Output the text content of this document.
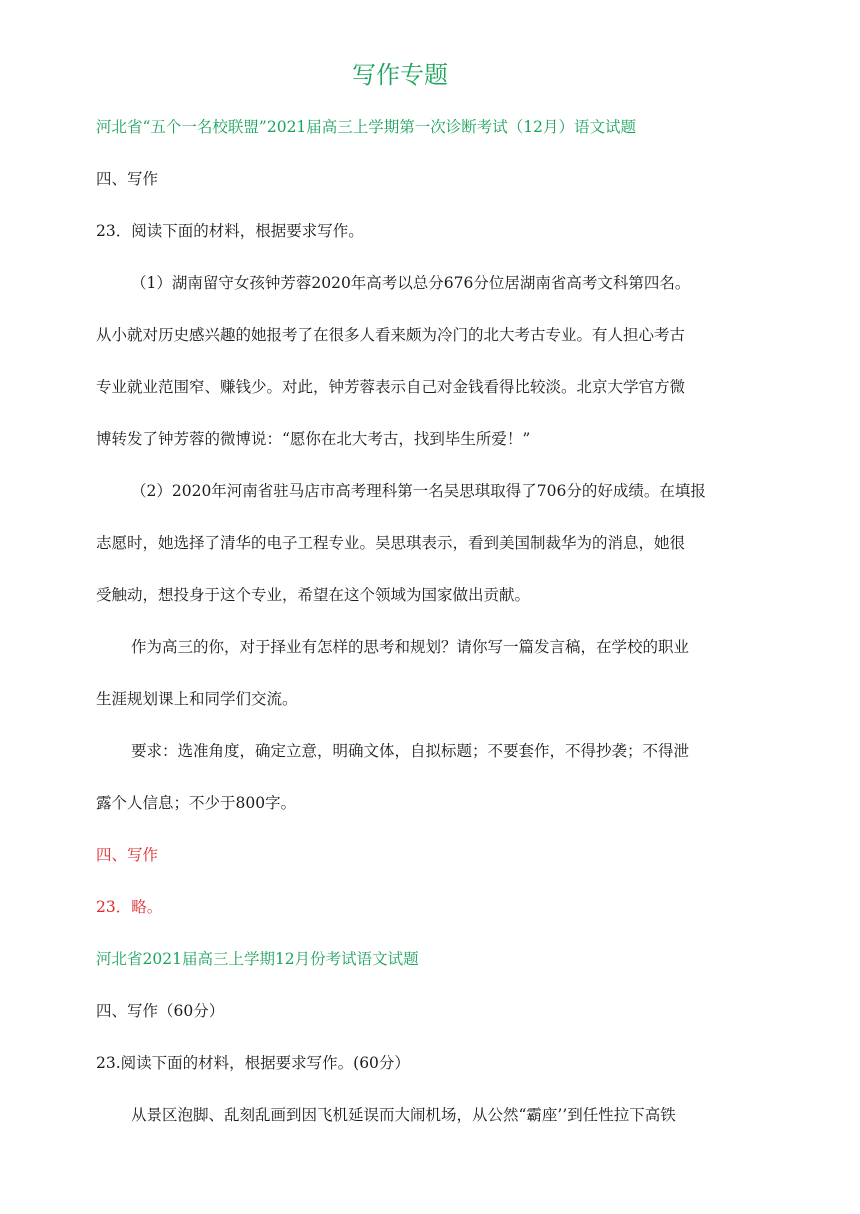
写作专题
河北省“五个一名校联盟”2021届高三上学期第一次诊断考试（12月）语文试题
四、写作
23．阅读下面的材料，根据要求写作。
（1）湖南留守女孩钟芳蓉2020年高考以总分676分位居湖南省高考文科第四名。
从小就对历史感兴趣的她报考了在很多人看来颇为冷门的北大考古专业。有人担心考古
专业就业范围窄、赚钱少。对此，钟芳蓉表示自己对金钱看得比较淡。北京大学官方微
博转发了钟芳蓉的微博说：“愿你在北大考古，找到毕生所爱！”
（2）2020年河南省驻马店市高考理科第一名吴思琪取得了706分的好成绩。在填报
志愿时，她选择了清华的电子工程专业。吴思琪表示，看到美国制裁华为的消息，她很
受触动，想投身于这个专业，希望在这个领域为国家做出贡献。
作为高三的你，对于择业有怎样的思考和规划？请你写一篇发言稿，在学校的职业
生涯规划课上和同学们交流。
要求：选准角度，确定立意，明确文体，自拟标题；不要套作，不得抄袭；不得泄
露个人信息；不少于800字。
四、写作
23．略。
河北省2021届高三上学期12月份考试语文试题
四、写作（60分）
23.阅读下面的材料，根据要求写作。(60分）
从景区泡脚、乱刻乱画到因飞机延误而大闹机场，从公然“霸座’’到任性拉下高铁
